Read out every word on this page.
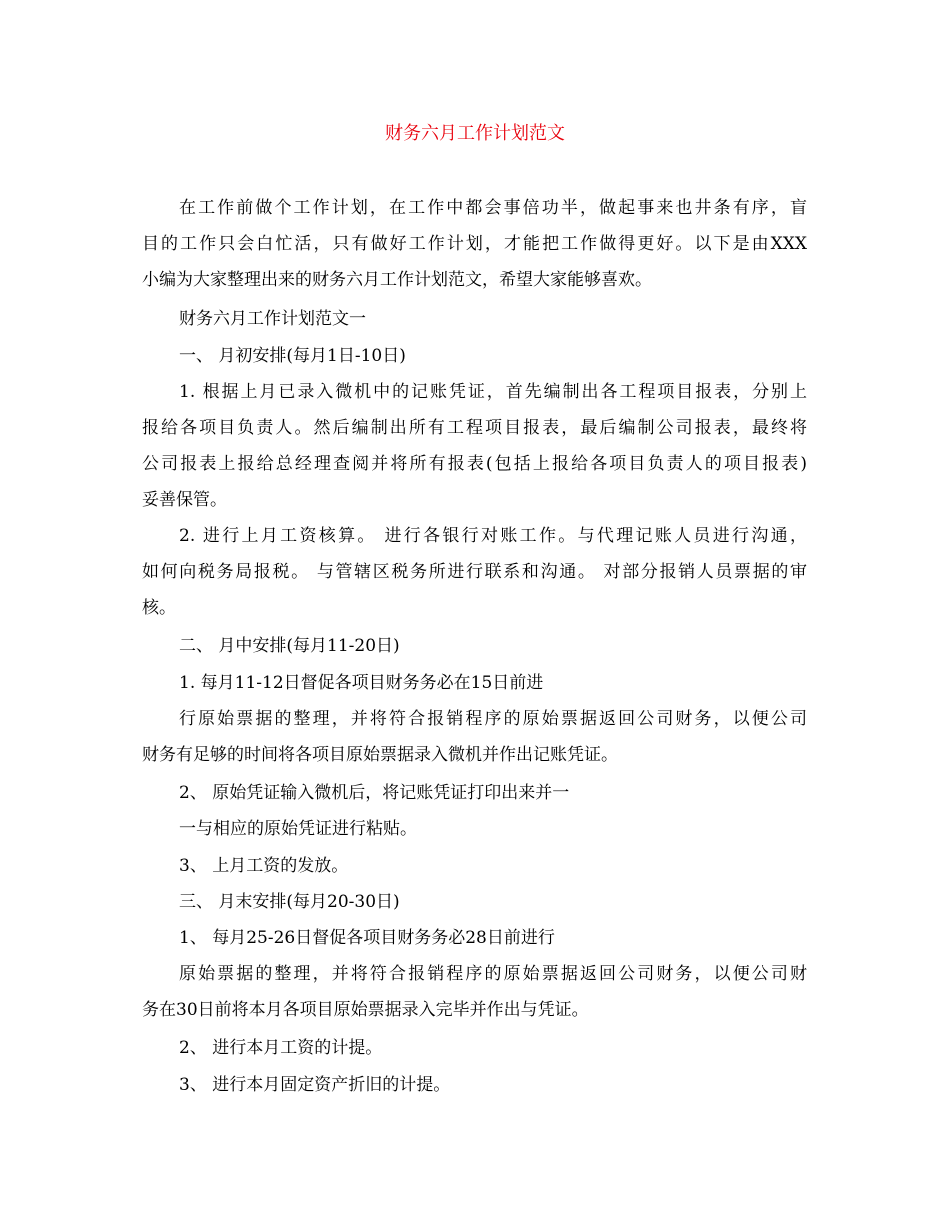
财务六月工作计划范文
在工作前做个工作计划，在工作中都会事倍功半，做起事来也井条有序，盲
目的工作只会白忙活，只有做好工作计划，才能把工作做得更好。以下是由XXX
小编为大家整理出来的财务六月工作计划范文，希望大家能够喜欢。
财务六月工作计划范文一
一、 月初安排(每月1日-10日)
1. 根据上月已录入微机中的记账凭证，首先编制出各工程项目报表，分别上
报给各项目负责人。然后编制出所有工程项目报表，最后编制公司报表，最终将
公司报表上报给总经理查阅并将所有报表(包括上报给各项目负责人的项目报表)
妥善保管。
2. 进行上月工资核算。 进行各银行对账工作。与代理记账人员进行沟通，
如何向税务局报税。 与管辖区税务所进行联系和沟通。 对部分报销人员票据的审
核。
二、 月中安排(每月11-20日)
1. 每月11-12日督促各项目财务务必在15日前进
行原始票据的整理，并将符合报销程序的原始票据返回公司财务，以便公司
财务有足够的时间将各项目原始票据录入微机并作出记账凭证。
2、 原始凭证输入微机后，将记账凭证打印出来并一
一与相应的原始凭证进行粘贴。
3、 上月工资的发放。
三、 月末安排(每月20-30日)
1、 每月25-26日督促各项目财务务必28日前进行
原始票据的整理，并将符合报销程序的原始票据返回公司财务，以便公司财
务在30日前将本月各项目原始票据录入完毕并作出与凭证。
2、 进行本月工资的计提。
3、 进行本月固定资产折旧的计提。
